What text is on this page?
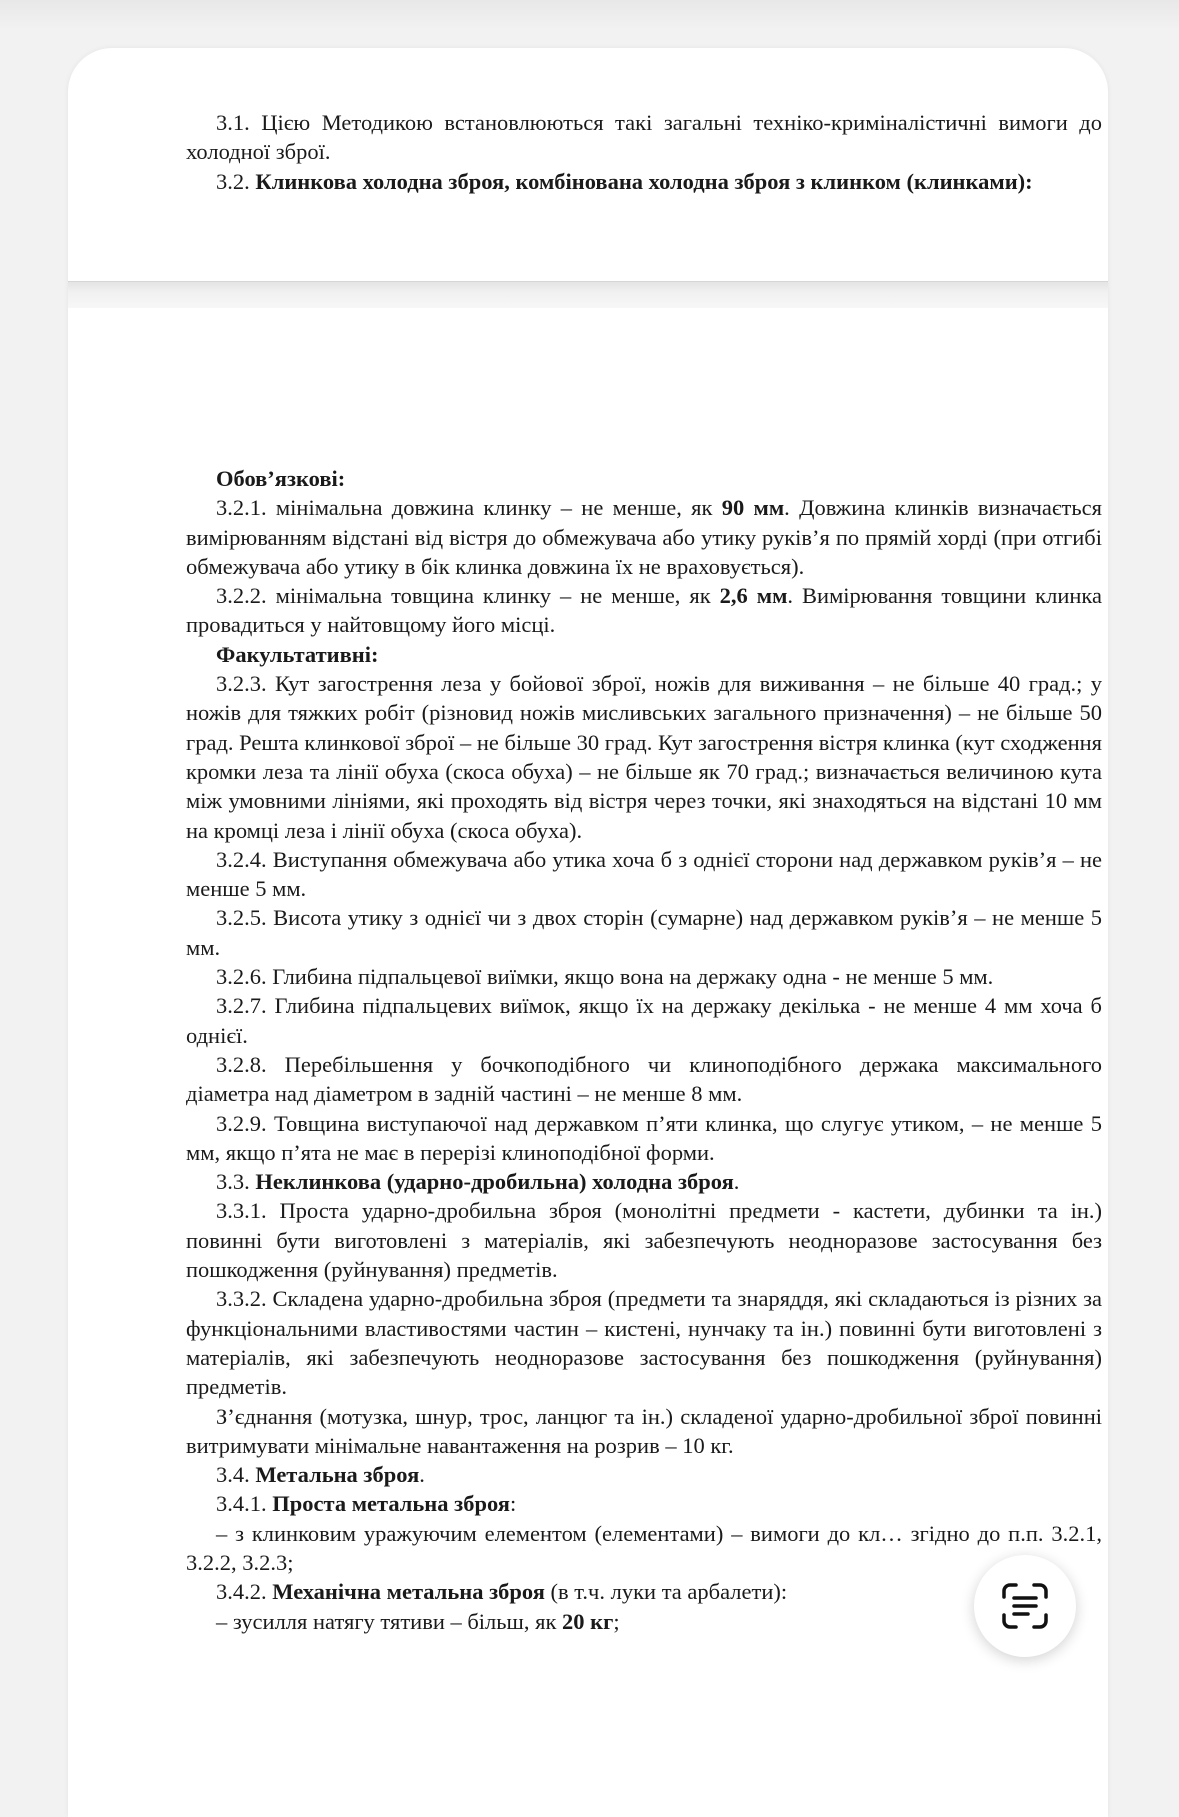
3.1. Цією Методикою встановлюються такі загальні техніко-криміналістичні вимоги до холодної зброї.

3.2. Клинкова холодна зброя, комбінована холодна зброя з клинком (клинками):

Обов’язкові:

3.2.1. мінімальна довжина клинку – не менше, як 90 мм. Довжина клинків визначається вимірюванням відстані від вістря до обмежувача або утику руків’я по прямій хорді (при отгибі обмежувача або утику в бік клинка довжина їх не враховується).

3.2.2. мінімальна товщина клинку – не менше, як 2,6 мм. Вимірювання товщини клинка провадиться у найтовщому його місці.

Факультативні:

3.2.3. Кут загострення леза у бойової зброї, ножів для виживання – не більше 40 град.; у ножів для тяжких робіт (різновид ножів мисливських загального призначення) – не більше 50 град. Решта клинкової зброї – не більше 30 град. Кут загострення вістря клинка (кут сходження кромки леза та лінії обуха (скоса обуха) – не більше як 70 град.; визначається величиною кута між умовними лініями, які проходять від вістря через точки, які знаходяться на відстані 10 мм на кромці леза і лінії обуха (скоса обуха).

3.2.4. Виступання обмежувача або утика хоча б з однієї сторони над державком руків’я – не менше 5 мм.

3.2.5. Висота утику з однієї чи з двох сторін (сумарне) над державком руків’я – не менше 5 мм.

3.2.6. Глибина підпальцевої виїмки, якщо вона на держаку одна - не менше 5 мм.

3.2.7. Глибина підпальцевих виїмок, якщо їх на держаку декілька - не менше 4 мм хоча б однієї.

3.2.8. Перебільшення у бочкоподібного чи клиноподібного держака максимального діаметра над діаметром в задній частині – не менше 8 мм.

3.2.9. Товщина виступаючої над державком п’яти клинка, що слугує утиком, – не менше 5 мм, якщо п’ята не має в перерізі клиноподібної форми.

3.3. Неклинкова (ударно-дробильна) холодна зброя.

3.3.1. Проста ударно-дробильна зброя (монолітні предмети - кастети, дубинки та ін.) повинні бути виготовлені з матеріалів, які забезпечують неодноразове застосування без пошкодження (руйнування) предметів.

3.3.2. Складена ударно-дробильна зброя (предмети та знаряддя, які складаються із різних за функціональними властивостями частин – кистені, нунчаку та ін.) повинні бути виготовлені з матеріалів, які забезпечують неодноразове застосування без пошкодження (руйнування) предметів.

З’єднання (мотузка, шнур, трос, ланцюг та ін.) складеної ударно-дробильної зброї повинні витримувати мінімальне навантаження на розрив – 10 кг.

3.4. Метальна зброя.

3.4.1. Проста метальна зброя:

– з клинковим уражуючим елементом (елементами) – вимоги до кл… згідно до п.п. 3.2.1, 3.2.2, 3.2.3;

3.4.2. Механічна метальна зброя (в т.ч. луки та арбалети):

– зусилля натягу тятиви – більш, як 20 кг;
